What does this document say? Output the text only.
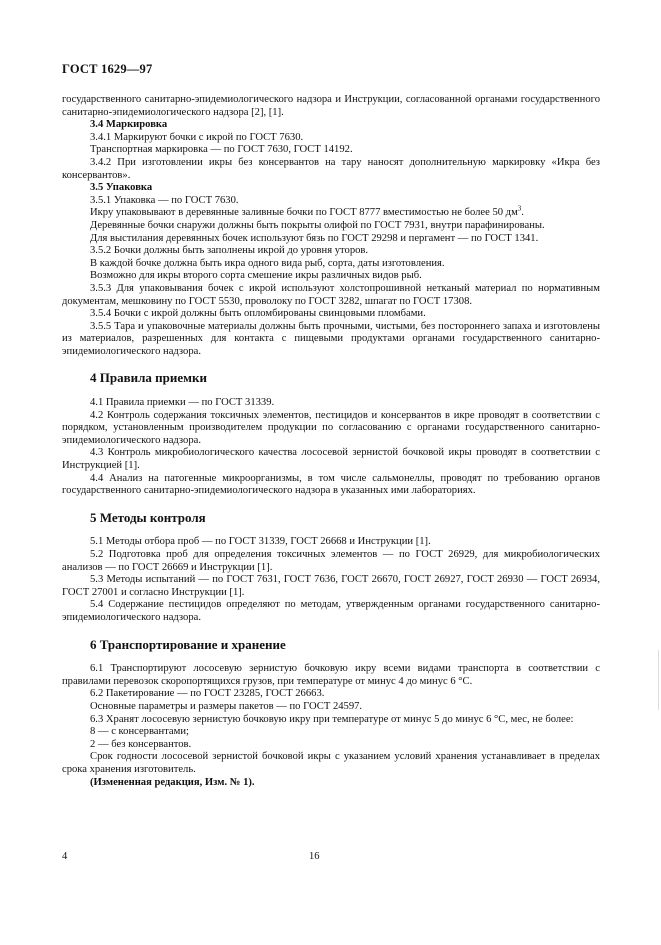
ГОСТ 1629—97

государственного санитарно-эпидемиологического надзора и Инструкции, согласованной органами государственного санитарно-эпидемиологического надзора [2], [1].

3.4 Маркировка

3.4.1 Маркируют бочки с икрой по ГОСТ 7630.

Транспортная маркировка — по ГОСТ 7630, ГОСТ 14192.

3.4.2 При изготовлении икры без консервантов на тару наносят дополнительную маркировку «Икра без консервантов».

3.5 Упаковка

3.5.1 Упаковка — по ГОСТ 7630.

Икру упаковывают в деревянные заливные бочки по ГОСТ 8777 вместимостью не более 50 $дм^3$.

Деревянные бочки снаружи должны быть покрыты олифой по ГОСТ 7931, внутри парафинированы.

Для выстилания деревянных бочек используют бязь по ГОСТ 29298 и пергамент — по ГОСТ 1341.

3.5.2 Бочки должны быть заполнены икрой до уровня уторов.

В каждой бочке должна быть икра одного вида рыб, сорта, даты изготовления.

Возможно для икры второго сорта смешение икры различных видов рыб.

3.5.3 Для упаковывания бочек с икрой используют холстопрошивной нетканый материал по нормативным документам, мешковину по ГОСТ 5530, проволоку по ГОСТ 3282, шпагат по ГОСТ 17308.

3.5.4 Бочки с икрой должны быть опломбированы свинцовыми пломбами.

3.5.5 Тара и упаковочные материалы должны быть прочными, чистыми, без постороннего запаха и изготовлены из материалов, разрешенных для контакта с пищевыми продуктами органами государственного санитарно-эпидемиологического надзора.

4 Правила приемки

4.1 Правила приемки — по ГОСТ 31339.

4.2 Контроль содержания токсичных элементов, пестицидов и консервантов в икре проводят в соответствии с порядком, установленным производителем продукции по согласованию с органами государственного санитарно-эпидемиологического надзора.

4.3 Контроль микробиологического качества лососевой зернистой бочковой икры проводят в соответствии с Инструкцией [1].

4.4 Анализ на патогенные микроорганизмы, в том числе сальмонеллы, проводят по требованию органов государственного санитарно-эпидемиологического надзора в указанных ими лабораториях.

5 Методы контроля

5.1 Методы отбора проб — по ГОСТ 31339, ГОСТ 26668 и Инструкции [1].

5.2 Подготовка проб для определения токсичных элементов — по ГОСТ 26929, для микробиологических анализов — по ГОСТ 26669 и Инструкции [1].

5.3 Методы испытаний — по ГОСТ 7631, ГОСТ 7636, ГОСТ 26670, ГОСТ 26927, ГОСТ 26930 — ГОСТ 26934, ГОСТ 27001 и согласно Инструкции [1].

5.4 Содержание пестицидов определяют по методам, утвержденным органами государственного санитарно-эпидемиологического надзора.

6 Транспортирование и хранение

6.1 Транспортируют лососевую зернистую бочковую икру всеми видами транспорта в соответствии с правилами перевозок скоропортящихся грузов, при температуре от минус 4 до минус 6 °С.

6.2 Пакетирование — по ГОСТ 23285, ГОСТ 26663.

Основные параметры и размеры пакетов — по ГОСТ 24597.

6.3 Хранят лососевую зернистую бочковую икру при температуре от минус 5 до минус 6 °С, мес, не более:

8 — с консервантами;

2 — без консервантов.

Срок годности лососевой зернистой бочковой икры с указанием условий хранения устанавливает в пределах срока хранения изготовитель.

(Измененная редакция, Изм. № 1).

4	16
